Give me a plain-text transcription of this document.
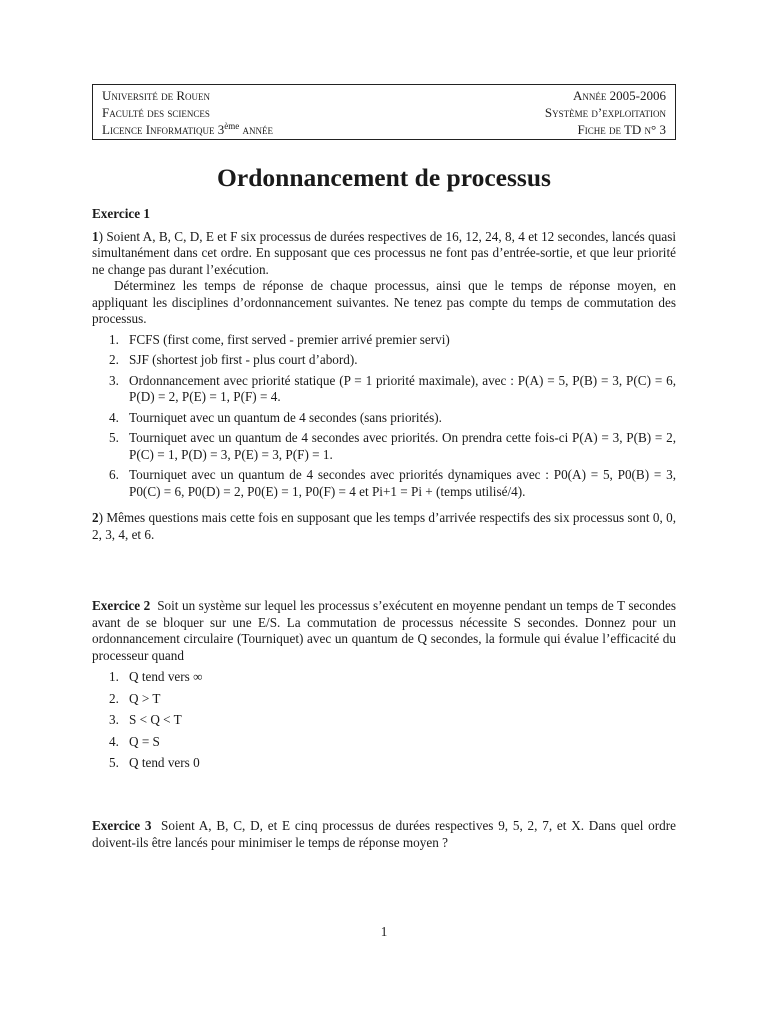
Université de Rouen	Année 2005-2006
Faculté des sciences	Système d’exploitation
Licence Informatique 3ème année	Fiche de TD n° 3
Ordonnancement de processus

Exercice 1

1) Soient A, B, C, D, E et F six processus de durées respectives de 16, 12, 24, 8, 4 et 12 secondes, lancés quasi simultanément dans cet ordre. En supposant que ces processus ne font pas d’entrée-sortie, et que leur priorité ne change pas durant l’exécution.

Déterminez les temps de réponse de chaque processus, ainsi que le temps de réponse moyen, en appliquant les disciplines d’ordonnancement suivantes. Ne tenez pas compte du temps de commutation des processus.

1. FCFS (first come, first served - premier arrivé premier servi)
2. SJF (shortest job first - plus court d’abord).
3. Ordonnancement avec priorité statique (P = 1 priorité maximale), avec : P(A) = 5, P(B) = 3, P(C) = 6, P(D) = 2, P(E) = 1, P(F) = 4.
4. Tourniquet avec un quantum de 4 secondes (sans priorités).
5. Tourniquet avec un quantum de 4 secondes avec priorités. On prendra cette fois-ci P(A) = 3, P(B) = 2, P(C) = 1, P(D) = 3, P(E) = 3, P(F) = 1.
6. Tourniquet avec un quantum de 4 secondes avec priorités dynamiques avec : P0(A) = 5, P0(B) = 3, P0(C) = 6, P0(D) = 2, P0(E) = 1, P0(F) = 4 et Pi+1 = Pi + (temps utilisé/4).

2) Mêmes questions mais cette fois en supposant que les temps d’arrivée respectifs des six processus sont 0, 0, 2, 3, 4, et 6.

Exercice 2 Soit un système sur lequel les processus s’exécutent en moyenne pendant un temps de T secondes avant de se bloquer sur une E/S. La commutation de processus nécessite S secondes. Donnez pour un ordonnancement circulaire (Tourniquet) avec un quantum de Q secondes, la formule qui évalue l’efficacité du processeur quand

1. Q tend vers ∞
2. Q > T
3. S < Q < T
4. Q = S
5. Q tend vers 0

Exercice 3 Soient A, B, C, D, et E cinq processus de durées respectives 9, 5, 2, 7, et X. Dans quel ordre doivent-ils être lancés pour minimiser le temps de réponse moyen ?

1
